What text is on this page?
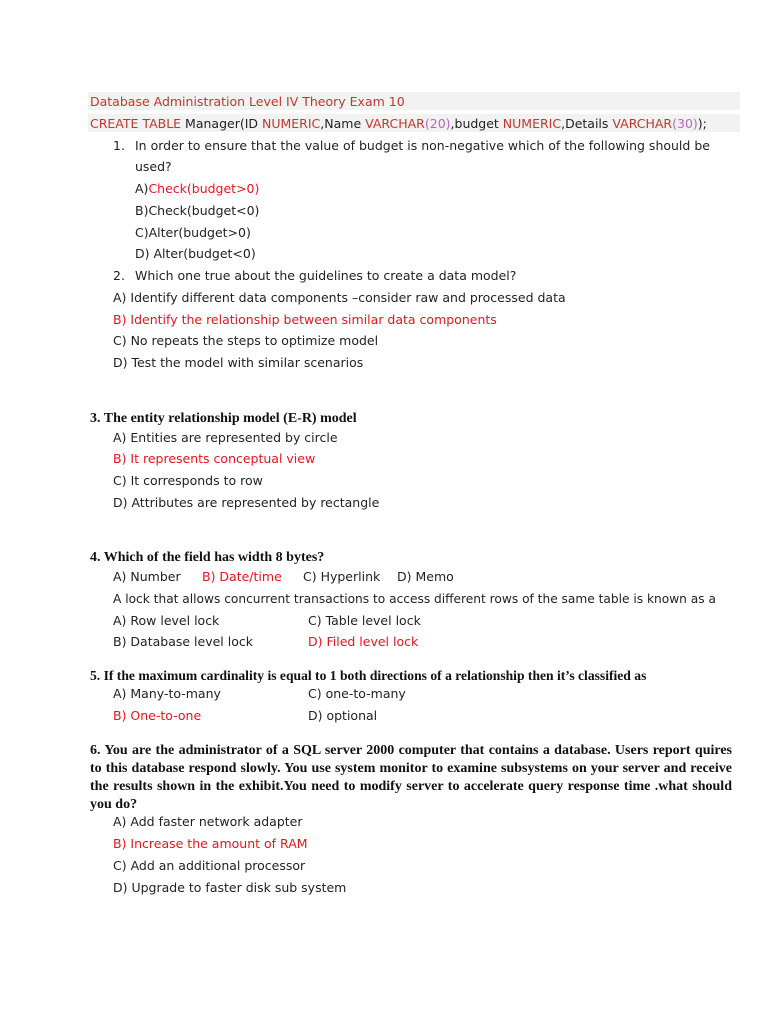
Database Administration Level IV Theory Exam 10
CREATE TABLE Manager(ID NUMERIC,Name VARCHAR(20),budget NUMERIC,Details VARCHAR(30));
1. In order to ensure that the value of budget is non-negative which of the following should be
used?
A)Check(budget>0)
B)Check(budget<0)
C)Alter(budget>0)
D) Alter(budget<0)
2. Which one true about the guidelines to create a data model?
A) Identify different data components –consider raw and processed data
B) Identify the relationship between similar data components
C) No repeats the steps to optimize model
D) Test the model with similar scenarios
3. The entity relationship model (E-R) model
A) Entities are represented by circle
B) It represents conceptual view
C) It corresponds to row
D) Attributes are represented by rectangle
4. Which of the field has width 8 bytes?
A) Number B) Date/time C) Hyperlink D) Memo
A lock that allows concurrent transactions to access different rows of the same table is known as a
A) Row level lock	C) Table level lock
B) Database level lock	D) Filed level lock
5. If the maximum cardinality is equal to 1 both directions of a relationship then it’s classified as
A) Many-to-many	C) one-to-many
B) One-to-one	D) optional
6. You are the administrator of a SQL server 2000 computer that contains a database. Users report quires to this database respond slowly. You use system monitor to examine subsystems on your server and receive the results shown in the exhibit.You need to modify server to accelerate query response time .what should you do?
A) Add faster network adapter
B) Increase the amount of RAM
C) Add an additional processor
D) Upgrade to faster disk sub system
